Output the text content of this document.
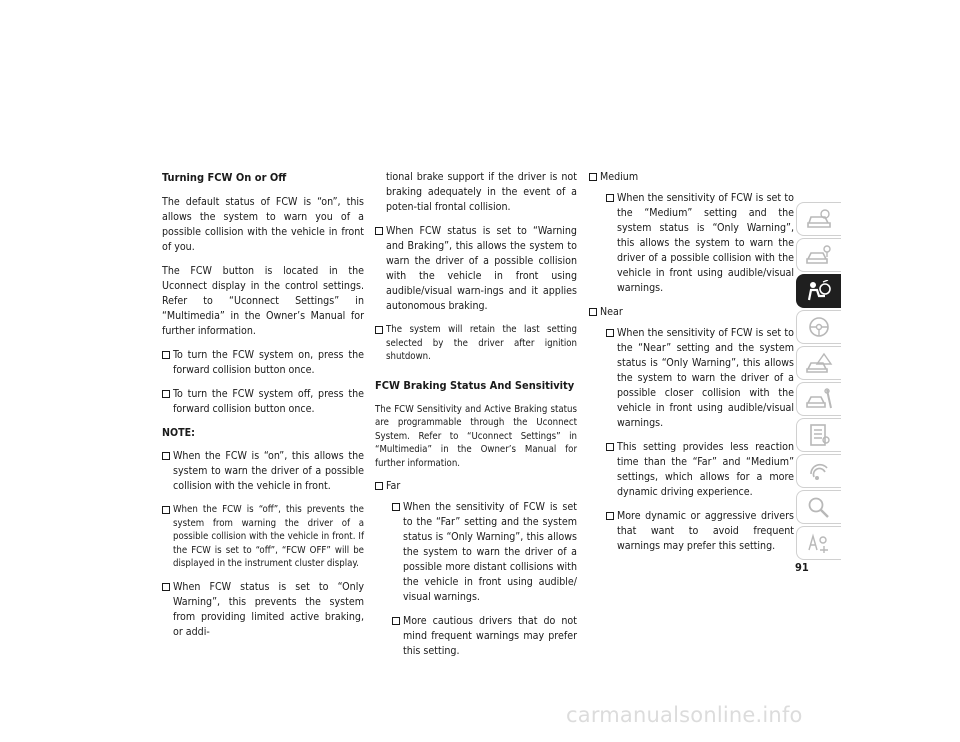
Turning FCW On or Off

The default status of FCW is “on”, this allows the system to warn you of a possible collision with the vehicle in front of you.

The FCW button is located in the Uconnect display in the control settings. Refer to “Uconnect Settings” in “Multimedia” in the Owner’s Manual for further information.

To turn the FCW system on, press the forward collision button once.
To turn the FCW system off, press the forward collision button once.
NOTE:
When the FCW is “on”, this allows the system to warn the driver of a possible collision with the vehicle in front.
When the FCW is “off”, this prevents the system from warning the driver of a possible collision with the vehicle in front. If the FCW is set to “off”, “FCW OFF” will be displayed in the instrument cluster display.
When FCW status is set to “Only Warning”, this prevents the system from providing limited active braking, or addi-
tional brake support if the driver is not braking adequately in the event of a poten-tial frontal collision.
When FCW status is set to “Warning and Braking”, this allows the system to warn the driver of a possible collision with the vehicle in front using audible/visual warn-ings and it applies autonomous braking.
The system will retain the last setting selected by the driver after ignition shutdown.
FCW Braking Status And Sensitivity

The FCW Sensitivity and Active Braking status are programmable through the Uconnect System. Refer to “Uconnect Settings” in “Multimedia” in the Owner’s Manual for further information.

Far
When the sensitivity of FCW is set to the “Far” setting and the system status is “Only Warning”, this allows the system to warn the driver of a possible more distant collisions with the vehicle in front using audible/ visual warnings.
More cautious drivers that do not mind frequent warnings may prefer this setting.
Medium
When the sensitivity of FCW is set to the “Medium” setting and the system status is “Only Warning”, this allows the system to warn the driver of a possible collision with the vehicle in front using audible/visual warnings.
Near
When the sensitivity of FCW is set to the “Near” setting and the system status is “Only Warning”, this allows the system to warn the driver of a possible closer collision with the vehicle in front using audible/visual warnings.
This setting provides less reaction time than the “Far” and “Medium” settings, which allows for a more dynamic driving experience.
More dynamic or aggressive drivers that want to avoid frequent warnings may prefer this setting.
91
carmanualsonline.info
